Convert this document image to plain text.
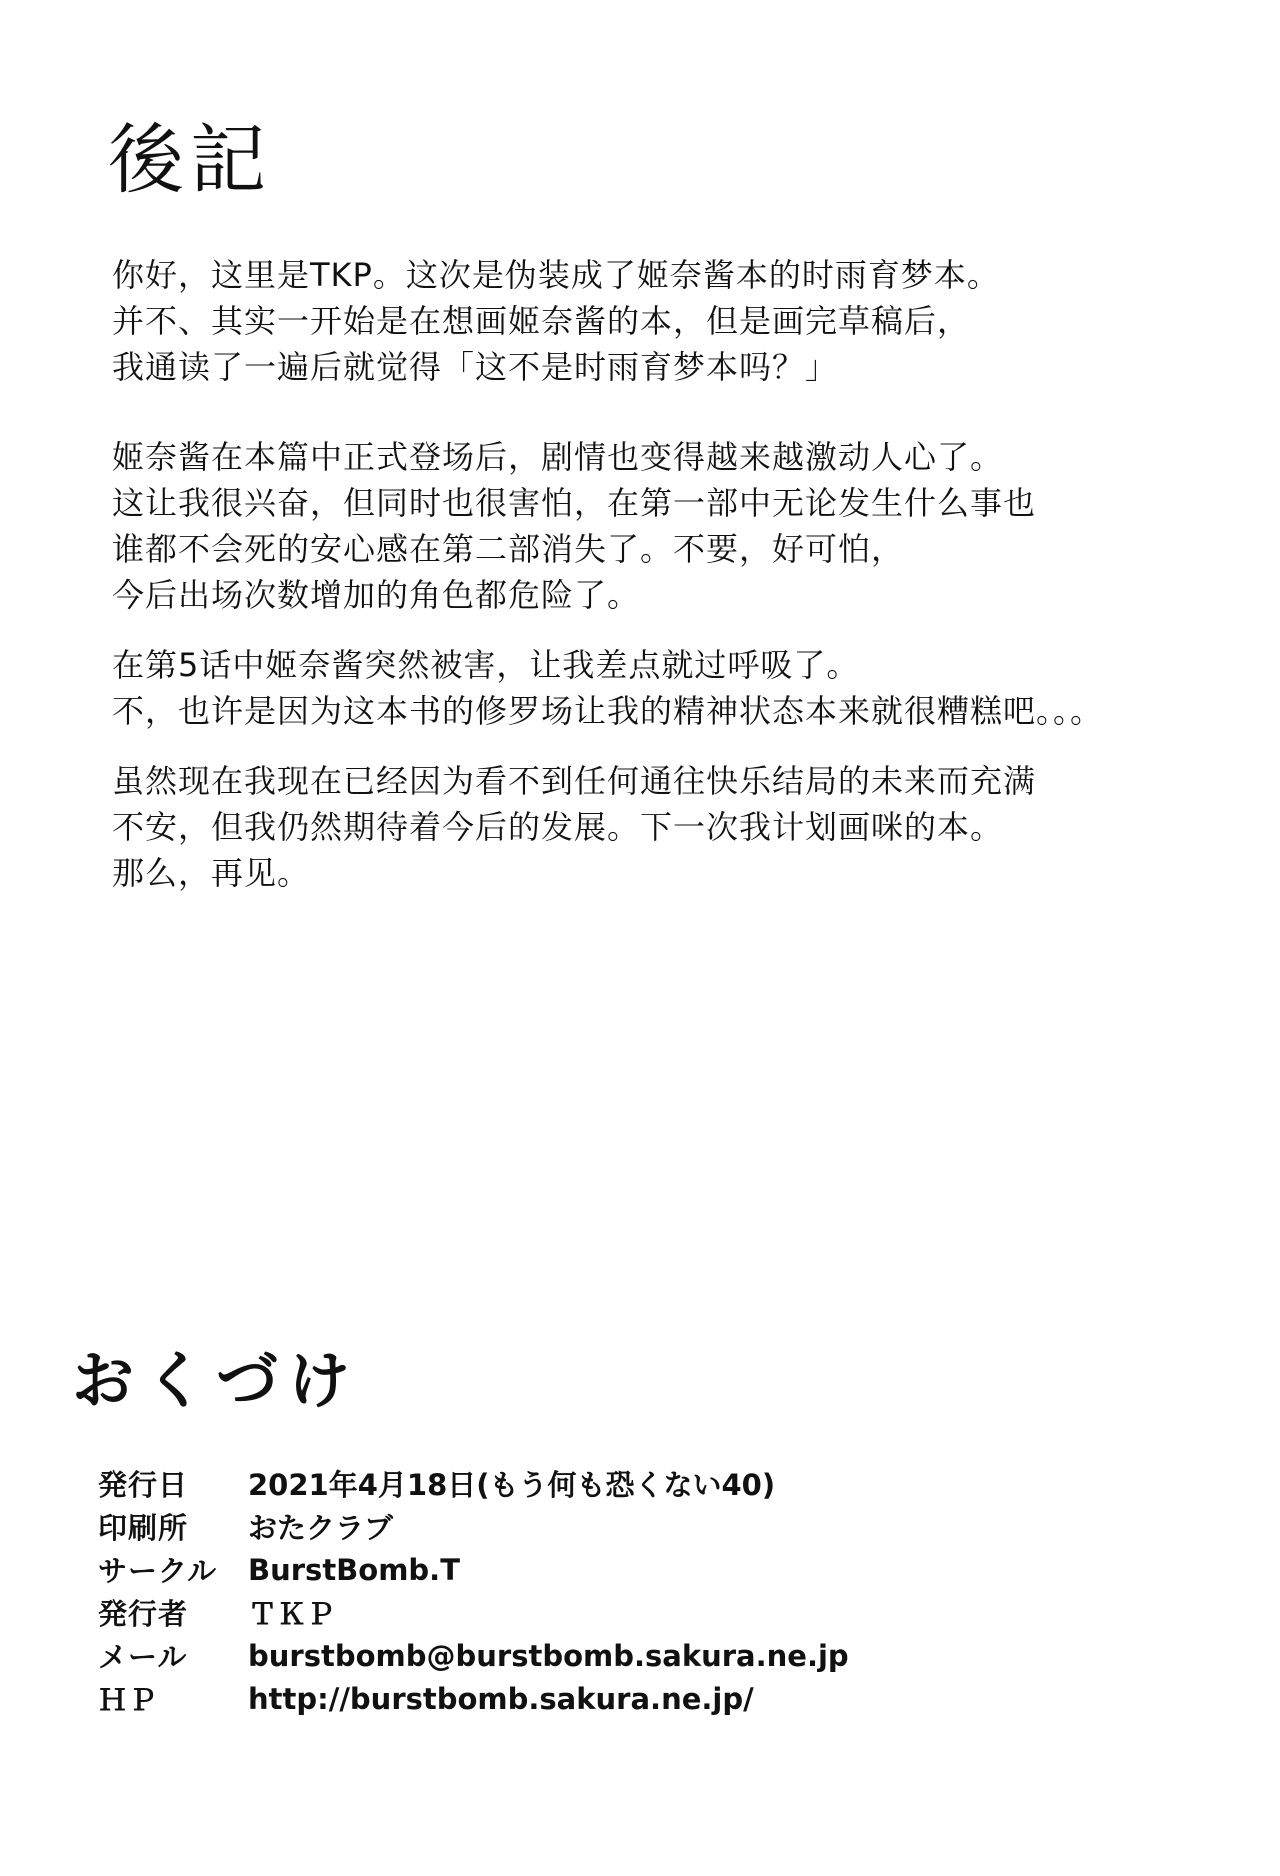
後記

你好，这里是TKP。这次是伪装成了姬奈酱本的时雨育梦本。
并不、其实一开始是在想画姬奈酱的本，但是画完草稿后，
我通读了一遍后就觉得「这不是时雨育梦本吗？」

姬奈酱在本篇中正式登场后，剧情也变得越来越激动人心了。
这让我很兴奋，但同时也很害怕，在第一部中无论发生什么事也
谁都不会死的安心感在第二部消失了。不要，好可怕，
今后出场次数增加的角色都危险了。

在第5话中姬奈酱突然被害，让我差点就过呼吸了。
不，也许是因为这本书的修罗场让我的精神状态本来就很糟糕吧。。。

虽然现在我现在已经因为看不到任何通往快乐结局的未来而充满
不安，但我仍然期待着今后的发展。下一次我计划画咪的本。
那么，再见。

おくづけ
発行日	2021年4月18日(もう何も恐くない40)
印刷所	おたクラブ
サークル	BurstBomb.T
発行者	ＴＫＰ
メール	burstbomb@burstbomb.sakura.ne.jp
ＨＰ	http://burstbomb.sakura.ne.jp/
